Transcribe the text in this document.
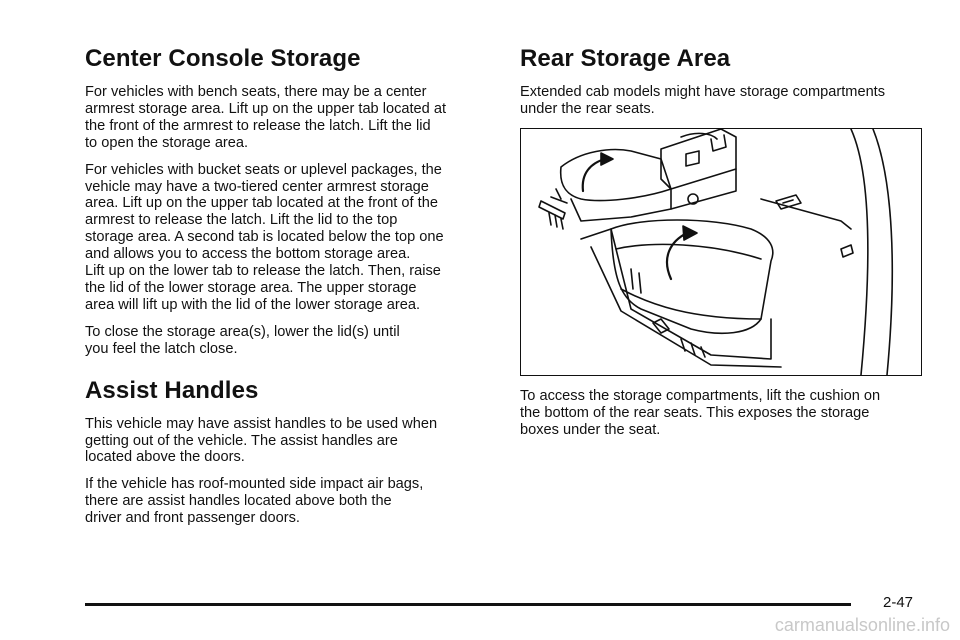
Center Console Storage

For vehicles with bench seats, there may be a center
armrest storage area. Lift up on the upper tab located at
the front of the armrest to release the latch. Lift the lid
to open the storage area.

For vehicles with bucket seats or uplevel packages, the
vehicle may have a two-tiered center armrest storage
area. Lift up on the upper tab located at the front of the
armrest to release the latch. Lift the lid to the top
storage area. A second tab is located below the top one
and allows you to access the bottom storage area.
Lift up on the lower tab to release the latch. Then, raise
the lid of the lower storage area. The upper storage
area will lift up with the lid of the lower storage area.

To close the storage area(s), lower the lid(s) until
you feel the latch close.

Assist Handles

This vehicle may have assist handles to be used when
getting out of the vehicle. The assist handles are
located above the doors.

If the vehicle has roof-mounted side impact air bags,
there are assist handles located above both the
driver and front passenger doors.

Rear Storage Area

Extended cab models might have storage compartments
under the rear seats.

To access the storage compartments, lift the cushion on
the bottom of the rear seats. This exposes the storage
boxes under the seat.

2-47
carmanualsonline.info
